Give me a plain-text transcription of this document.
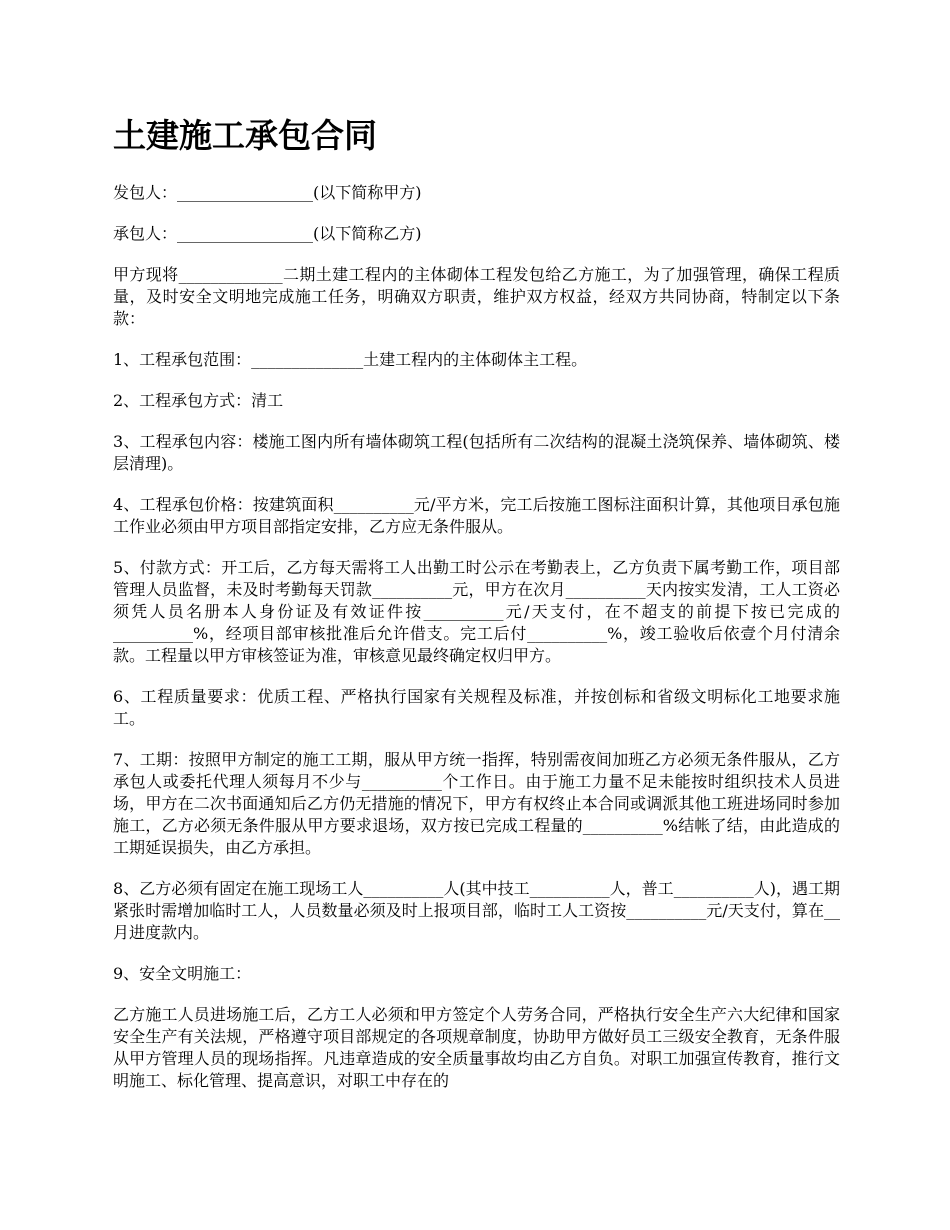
土建施工承包合同

发包人：_________________(以下简称甲方)

承包人：_________________(以下简称乙方)

甲方现将_____________二期土建工程内的主体砌体工程发包给乙方施工，为了加强管理，确保工程质量，及时安全文明地完成施工任务，明确双方职责，维护双方权益，经双方共同协商，特制定以下条款：

1、工程承包范围：______________土建工程内的主体砌体主工程。

2、工程承包方式：清工

3、工程承包内容：楼施工图内所有墙体砌筑工程(包括所有二次结构的混凝土浇筑保养、墙体砌筑、楼层清理)。

4、工程承包价格：按建筑面积__________元/平方米，完工后按施工图标注面积计算，其他项目承包施工作业必须由甲方项目部指定安排，乙方应无条件服从。

5、付款方式：开工后，乙方每天需将工人出勤工时公示在考勤表上，乙方负责下属考勤工作，项目部管理人员监督，未及时考勤每天罚款__________元，甲方在次月__________天内按实发清，工人工资必须凭人员名册本人身份证及有效证件按__________元/天支付，在不超支的前提下按已完成的__________%，经项目部审核批准后允许借支。完工后付__________%，竣工验收后依壹个月付清余款。工程量以甲方审核签证为准，审核意见最终确定权归甲方。

6、工程质量要求：优质工程、严格执行国家有关规程及标准，并按创标和省级文明标化工地要求施工。

7、工期：按照甲方制定的施工工期，服从甲方统一指挥，特别需夜间加班乙方必须无条件服从，乙方承包人或委托代理人须每月不少与__________个工作日。由于施工力量不足未能按时组织技术人员进场，甲方在二次书面通知后乙方仍无措施的情况下，甲方有权终止本合同或调派其他工班进场同时参加施工，乙方必须无条件服从甲方要求退场，双方按已完成工程量的__________%结帐了结，由此造成的工期延误损失，由乙方承担。

8、乙方必须有固定在施工现场工人__________人(其中技工__________人，普工__________人)，遇工期紧张时需增加临时工人，人员数量必须及时上报项目部，临时工人工资按__________元/天支付，算在__月进度款内。

9、安全文明施工：

乙方施工人员进场施工后，乙方工人必须和甲方签定个人劳务合同，严格执行安全生产六大纪律和国家安全生产有关法规，严格遵守项目部规定的各项规章制度，协助甲方做好员工三级安全教育，无条件服从甲方管理人员的现场指挥。凡违章造成的安全质量事故均由乙方自负。对职工加强宣传教育，推行文明施工、标化管理、提高意识，对职工中存在的
